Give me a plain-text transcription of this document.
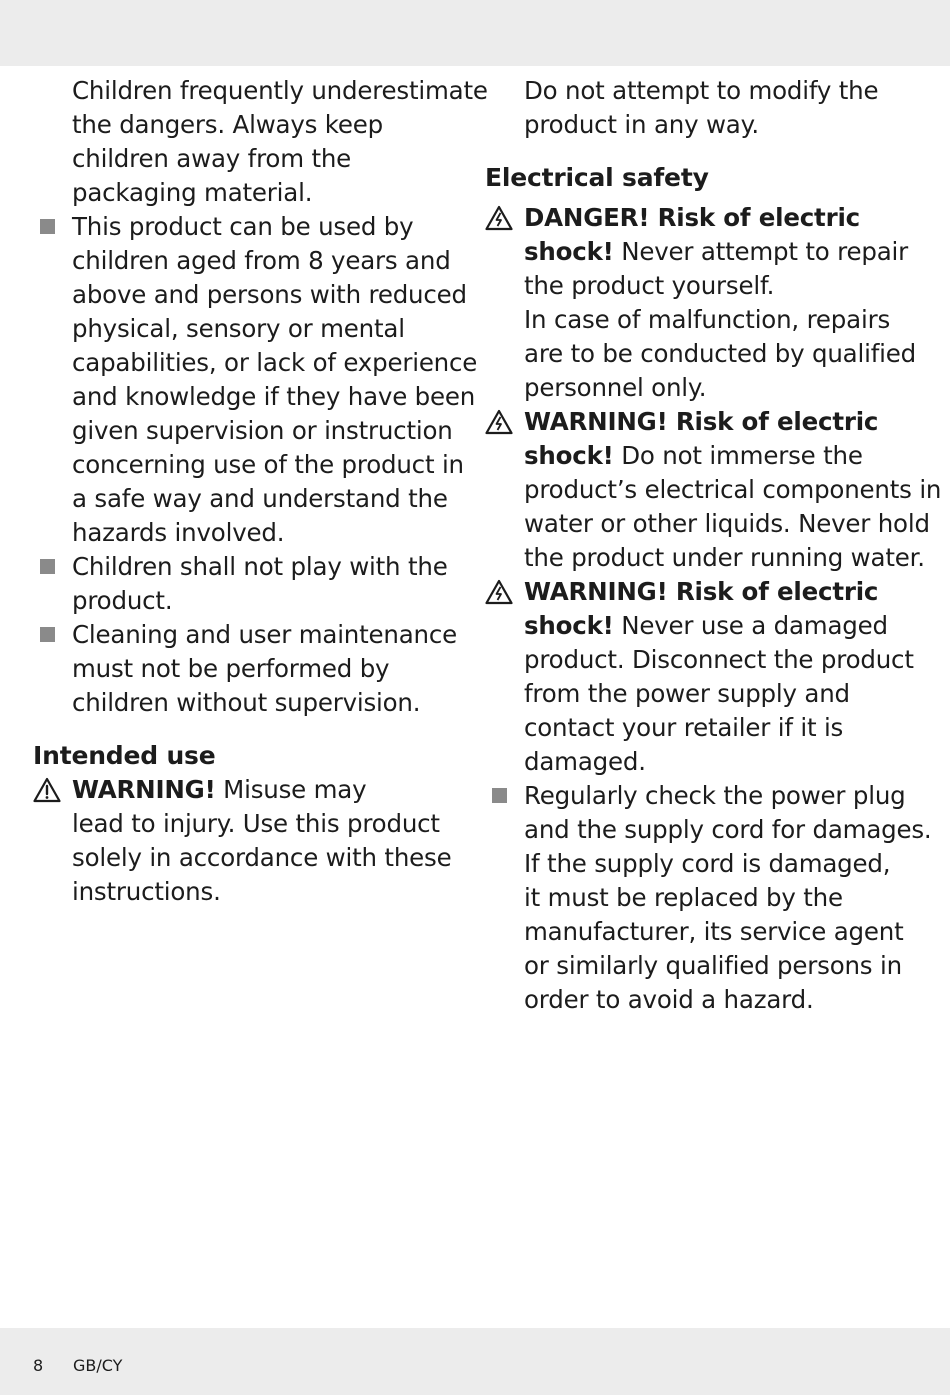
Children frequently underestimate
the dangers. Always keep
children away from the
packaging material.

This product can be used by
children aged from 8 years and
above and persons with reduced
physical, sensory or mental
capabilities, or lack of experience
and knowledge if they have been
given supervision or instruction
concerning use of the product in
a safe way and understand the
hazards involved.
Children shall not play with the
product.
Cleaning and user maintenance
must not be performed by
children without supervision.
Intended use
WARNING! Misuse may
lead to injury. Use this product
solely in accordance with these
instructions.

Do not attempt to modify the
product in any way.

Electrical safety
DANGER! Risk of electric
shock! Never attempt to repair
the product yourself.
In case of malfunction, repairs
are to be conducted by qualified
personnel only.
WARNING! Risk of electric
shock! Do not immerse the
product’s electrical components in
water or other liquids. Never hold
the product under running water.
WARNING! Risk of electric
shock! Never use a damaged
product. Disconnect the product
from the power supply and
contact your retailer if it is
damaged.
Regularly check the power plug
and the supply cord for damages.
If the supply cord is damaged,
it must be replaced by the
manufacturer, its service agent
or similarly qualified persons in
order to avoid a hazard.
8 GB/CY
